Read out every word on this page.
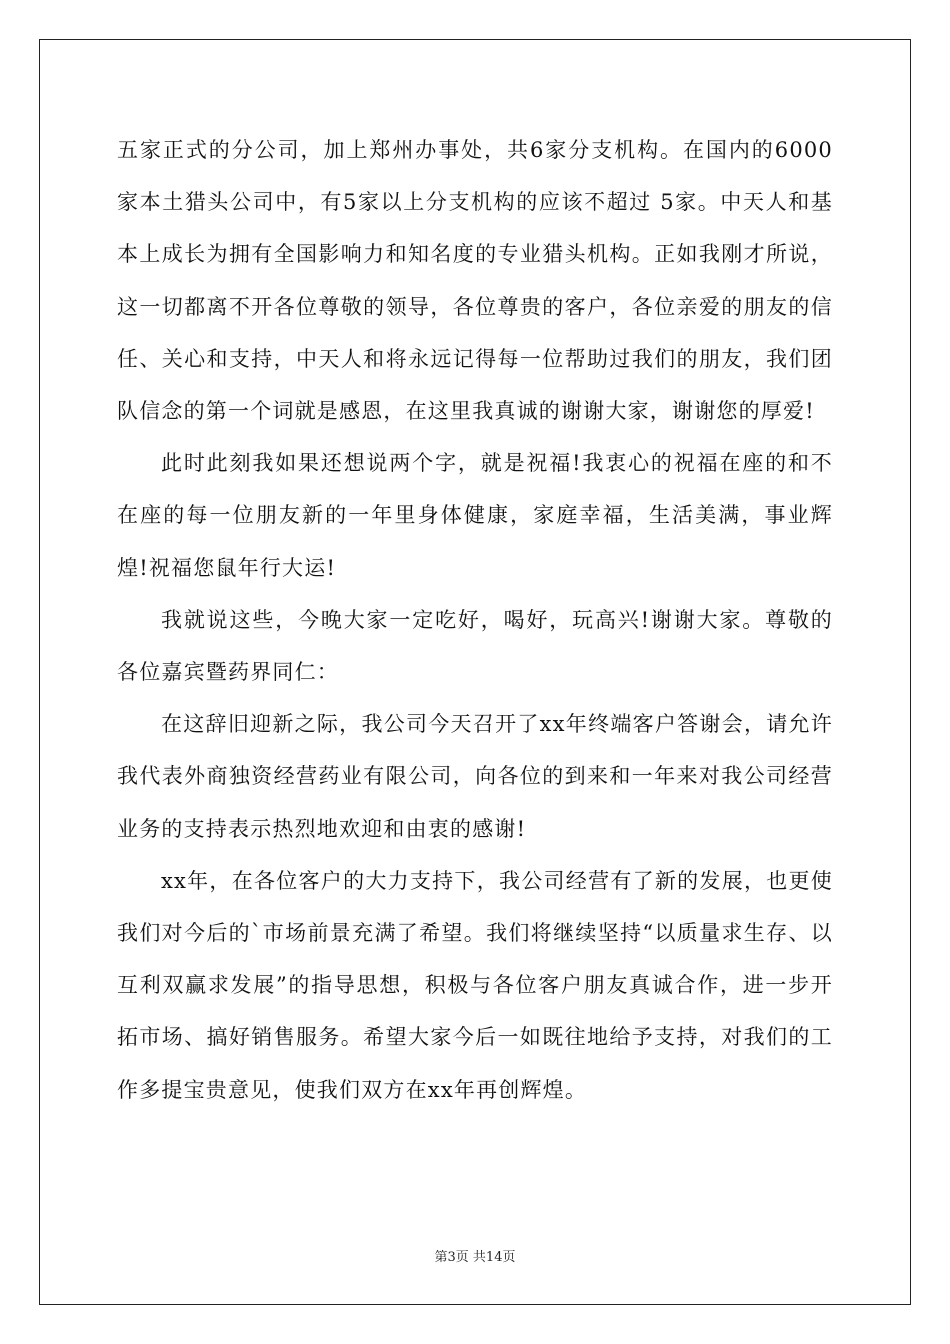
五家正式的分公司，加上郑州办事处，共6家分支机构。在国内的6000家本土猎头公司中，有5家以上分支机构的应该不超过 5家。中天人和基本上成长为拥有全国影响力和知名度的专业猎头机构。正如我刚才所说，这一切都离不开各位尊敬的领导，各位尊贵的客户，各位亲爱的朋友的信任、关心和支持，中天人和将永远记得每一位帮助过我们的朋友，我们团队信念的第一个词就是感恩，在这里我真诚的谢谢大家，谢谢您的厚爱!

此时此刻我如果还想说两个字，就是祝福!我衷心的祝福在座的和不在座的每一位朋友新的一年里身体健康，家庭幸福，生活美满，事业辉煌!祝福您鼠年行大运!

我就说这些，今晚大家一定吃好，喝好，玩高兴!谢谢大家。尊敬的各位嘉宾暨药界同仁：

在这辞旧迎新之际，我公司今天召开了xx年终端客户答谢会，请允许我代表外商独资经营药业有限公司，向各位的到来和一年来对我公司经营业务的支持表示热烈地欢迎和由衷的感谢!

xx年，在各位客户的大力支持下，我公司经营有了新的发展，也更使我们对今后的`市场前景充满了希望。我们将继续坚持“以质量求生存、以互利双赢求发展”的指导思想，积极与各位客户朋友真诚合作，进一步开拓市场、搞好销售服务。希望大家今后一如既往地给予支持，对我们的工作多提宝贵意见，使我们双方在xx年再创辉煌。

第3页 共14页
